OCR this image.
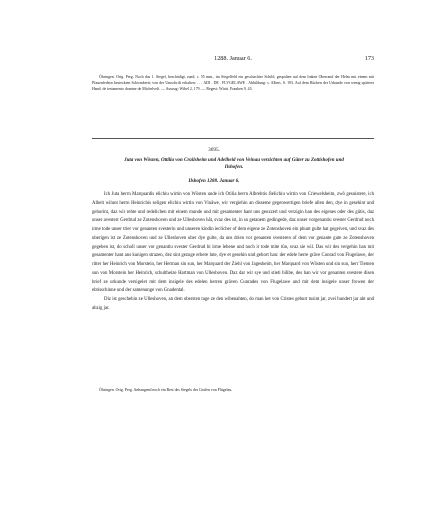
1288. Januar 6.	173

Öhringen. Orig. Perg. Noch das 1. Siegel, beschädigt, rund, c. 55 mm., im Siegelfeld ein geschachter Schild, gespalten auf dem linken Oberrand der Helm mit einem mit Pfauenfedern besteckten Schirmbrett; von der Umschrift erhalten: . . . ADI . DE . FLVGELAWE . Abbildung: s. Albert, S. 193. Auf dem Rücken der Urkunde von wenig späterer Hand: de testamento domine de Michelvelt. — Auszug: Wibel 2, 179. — Regest: Württ. Franken 9, 43.

3695.
Juta von Wösten, Ottilia von Crailsheim und Adelheid von Veinau verzichten auf Güter zu Zottishofen und Ilshofen.
Ilshofen 1288. Januar 6.

Ich Juta herrn Marquardis elichiu wirtin von Wösten unde ich Otilia herrn Albrehtis ẞelichiu wirtin von Criewelsheim, zwô gesuistere, ich Alheit wilunt herrn Heinrichis seligen elichiu wirtin von Vinâwe, wir vergiehin an disseme gegenwertigen briefe allen den, dye in gesehint und gehorint, daz wir rehte und redelichen mit einem munde und mit gesamenter hant uns geuzzert und verzigin han des eigenes oder des gûtis, daz unser avesterr Gerdrud ze Zotenshoven und ze Ulleshoven hât, svaz des ist, in so getanem gedingede, daz unser vorgenantiu svester Gerdrud noch irme tode unser trier vor genanten svesterin und unseren kindin ieclicher of dem eigene ze Zotenshoven ein phunt gulte hat gegeiven, und svaz des uberigen ist ze Zotenshoven und ze Ulleshoven uber dye gulte, da uns drien vor genanten svesteren of dem vor genante gute ze Zotenshoven gegeben ist, do scholl unser vor genantiu svester Gerdrud bi irme lebene und noch ir tode mite tûn, svaz sie wil. Das wir des vergehin han mit gesamenter hant ans kunigen strazen, dez sint gezuge erbere lute, dye et gesehin und gehort han: der edele herre gräve Conrad von Flugelawe, der ritter her Heinrich von Morstein, her Herman sin sun, her Marquard der Ziehl von Jagesheim, her Marquard von Wösten und sin sun, herr Tiemen sun von Morstein her Heinrich, schultheize Hartman von Ulleshoven. Daz dar wir sye und stieti bilibe, des han wir vor genanten svestere disen brief ze urkunde versigelet mit dem insigele des edelen herren gräven Cunrades von Flugelawe und mit dem insigele unser frowen der ebtisschinne und der samenunge von Gnadental.

Diz ist geschehin ze Ulleshoven, an dem obersten tage ze den wibenahten, do man het von Cristes geburt tusint jar, zvei hundert jar aht und ahzig jar.

Öhringen. Orig. Perg. Anhangend noch ein Rest des Siegels des Grafen von Flügelau.
